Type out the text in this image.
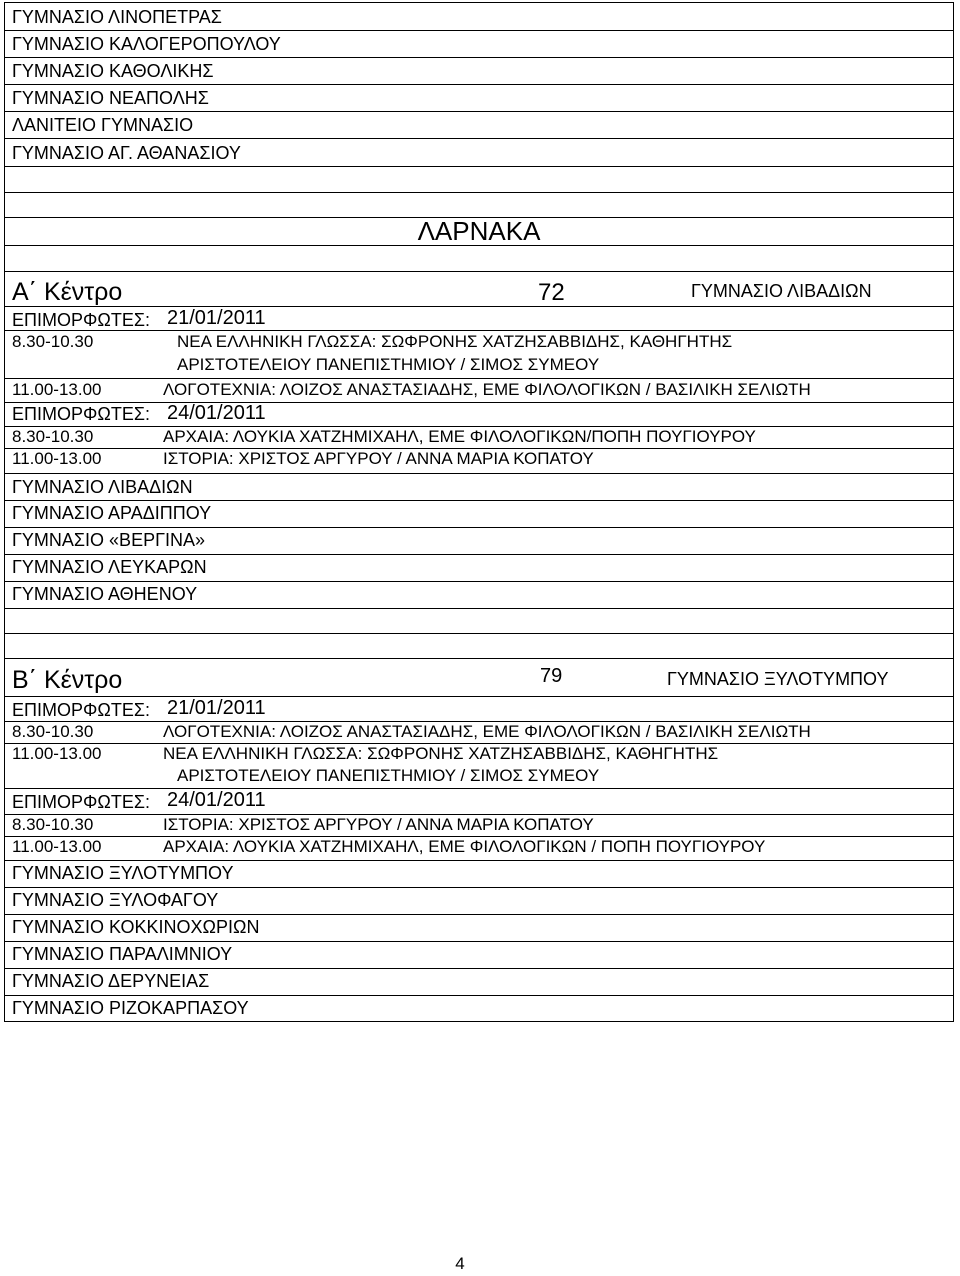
ΓΥΜΝΑΣΙΟ ΛΙΝΟΠΕΤΡΑΣ
ΓΥΜΝΑΣΙΟ ΚΑΛΟΓΕΡΟΠΟΥΛΟΥ
ΓΥΜΝΑΣΙΟ ΚΑΘΟΛΙΚΗΣ
ΓΥΜΝΑΣΙΟ ΝΕΑΠΟΛΗΣ
ΛΑΝΙΤΕΙΟ ΓΥΜΝΑΣΙΟ
ΓΥΜΝΑΣΙΟ ΑΓ. ΑΘΑΝΑΣΙΟΥ
ΛΑΡΝΑΚΑ
Α΄ Κέντρο	72	ΓΥΜΝΑΣΙΟ ΛΙΒΑΔΙΩΝ
ΕΠΙΜΟΡΦΩΤΕΣ: 21/01/2011
8.30-10.30	ΝΕΑ ΕΛΛΗΝΙΚΗ ΓΛΩΣΣΑ: ΣΩΦΡΟΝΗΣ ΧΑΤΖΗΣΑΒΒΙΔΗΣ, ΚΑΘΗΓΗΤΗΣ
ΑΡΙΣΤΟΤΕΛΕΙΟΥ ΠΑΝΕΠΙΣΤΗΜΙΟΥ / ΣΙΜΟΣ ΣΥΜΕΟΥ
11.00-13.00	ΛΟΓΟΤΕΧΝΙΑ: ΛΟΙΖΟΣ ΑΝΑΣΤΑΣΙΑΔΗΣ, ΕΜΕ ΦΙΛΟΛΟΓΙΚΩΝ / ΒΑΣΙΛΙΚΗ ΣΕΛΙΩΤΗ
ΕΠΙΜΟΡΦΩΤΕΣ: 24/01/2011
8.30-10.30	ΑΡΧΑΙΑ: ΛΟΥΚΙΑ ΧΑΤΖΗΜΙΧΑΗΛ, ΕΜΕ ΦΙΛΟΛΟΓΙΚΩΝ/ΠΟΠΗ ΠΟΥΓΙΟΥΡΟΥ
11.00-13.00	ΙΣΤΟΡΙΑ: ΧΡΙΣΤΟΣ ΑΡΓΥΡΟΥ / ΑΝΝΑ ΜΑΡΙΑ ΚΟΠΑΤΟΥ
ΓΥΜΝΑΣΙΟ ΛΙΒΑΔΙΩΝ
ΓΥΜΝΑΣΙΟ ΑΡΑΔΙΠΠΟΥ
ΓΥΜΝΑΣΙΟ «ΒΕΡΓΙΝΑ»
ΓΥΜΝΑΣΙΟ ΛΕΥΚΑΡΩΝ
ΓΥΜΝΑΣΙΟ ΑΘΗΕΝΟΥ
Β΄ Κέντρο	79	ΓΥΜΝΑΣΙΟ ΞΥΛΟΤΥΜΠΟΥ
ΕΠΙΜΟΡΦΩΤΕΣ: 21/01/2011
8.30-10.30	ΛΟΓΟΤΕΧΝΙΑ: ΛΟΙΖΟΣ ΑΝΑΣΤΑΣΙΑΔΗΣ, ΕΜΕ ΦΙΛΟΛΟΓΙΚΩΝ / ΒΑΣΙΛΙΚΗ ΣΕΛΙΩΤΗ
11.00-13.00	ΝΕΑ ΕΛΛΗΝΙΚΗ ΓΛΩΣΣΑ: ΣΩΦΡΟΝΗΣ ΧΑΤΖΗΣΑΒΒΙΔΗΣ, ΚΑΘΗΓΗΤΗΣ
ΑΡΙΣΤΟΤΕΛΕΙΟΥ ΠΑΝΕΠΙΣΤΗΜΙΟΥ / ΣΙΜΟΣ ΣΥΜΕΟΥ
ΕΠΙΜΟΡΦΩΤΕΣ: 24/01/2011
8.30-10.30	ΙΣΤΟΡΙΑ: ΧΡΙΣΤΟΣ ΑΡΓΥΡΟΥ / ΑΝΝΑ ΜΑΡΙΑ ΚΟΠΑΤΟΥ
11.00-13.00	ΑΡΧΑΙΑ: ΛΟΥΚΙΑ ΧΑΤΖΗΜΙΧΑΗΛ, ΕΜΕ ΦΙΛΟΛΟΓΙΚΩΝ / ΠΟΠΗ ΠΟΥΓΙΟΥΡΟΥ
ΓΥΜΝΑΣΙΟ ΞΥΛΟΤΥΜΠΟΥ
ΓΥΜΝΑΣΙΟ ΞΥΛΟΦΑΓΟΥ
ΓΥΜΝΑΣΙΟ ΚΟΚΚΙΝΟΧΩΡΙΩΝ
ΓΥΜΝΑΣΙΟ ΠΑΡΑΛΙΜΝΙΟΥ
ΓΥΜΝΑΣΙΟ ΔΕΡΥΝΕΙΑΣ
ΓΥΜΝΑΣΙΟ ΡΙΖΟΚΑΡΠΑΣΟΥ
4
